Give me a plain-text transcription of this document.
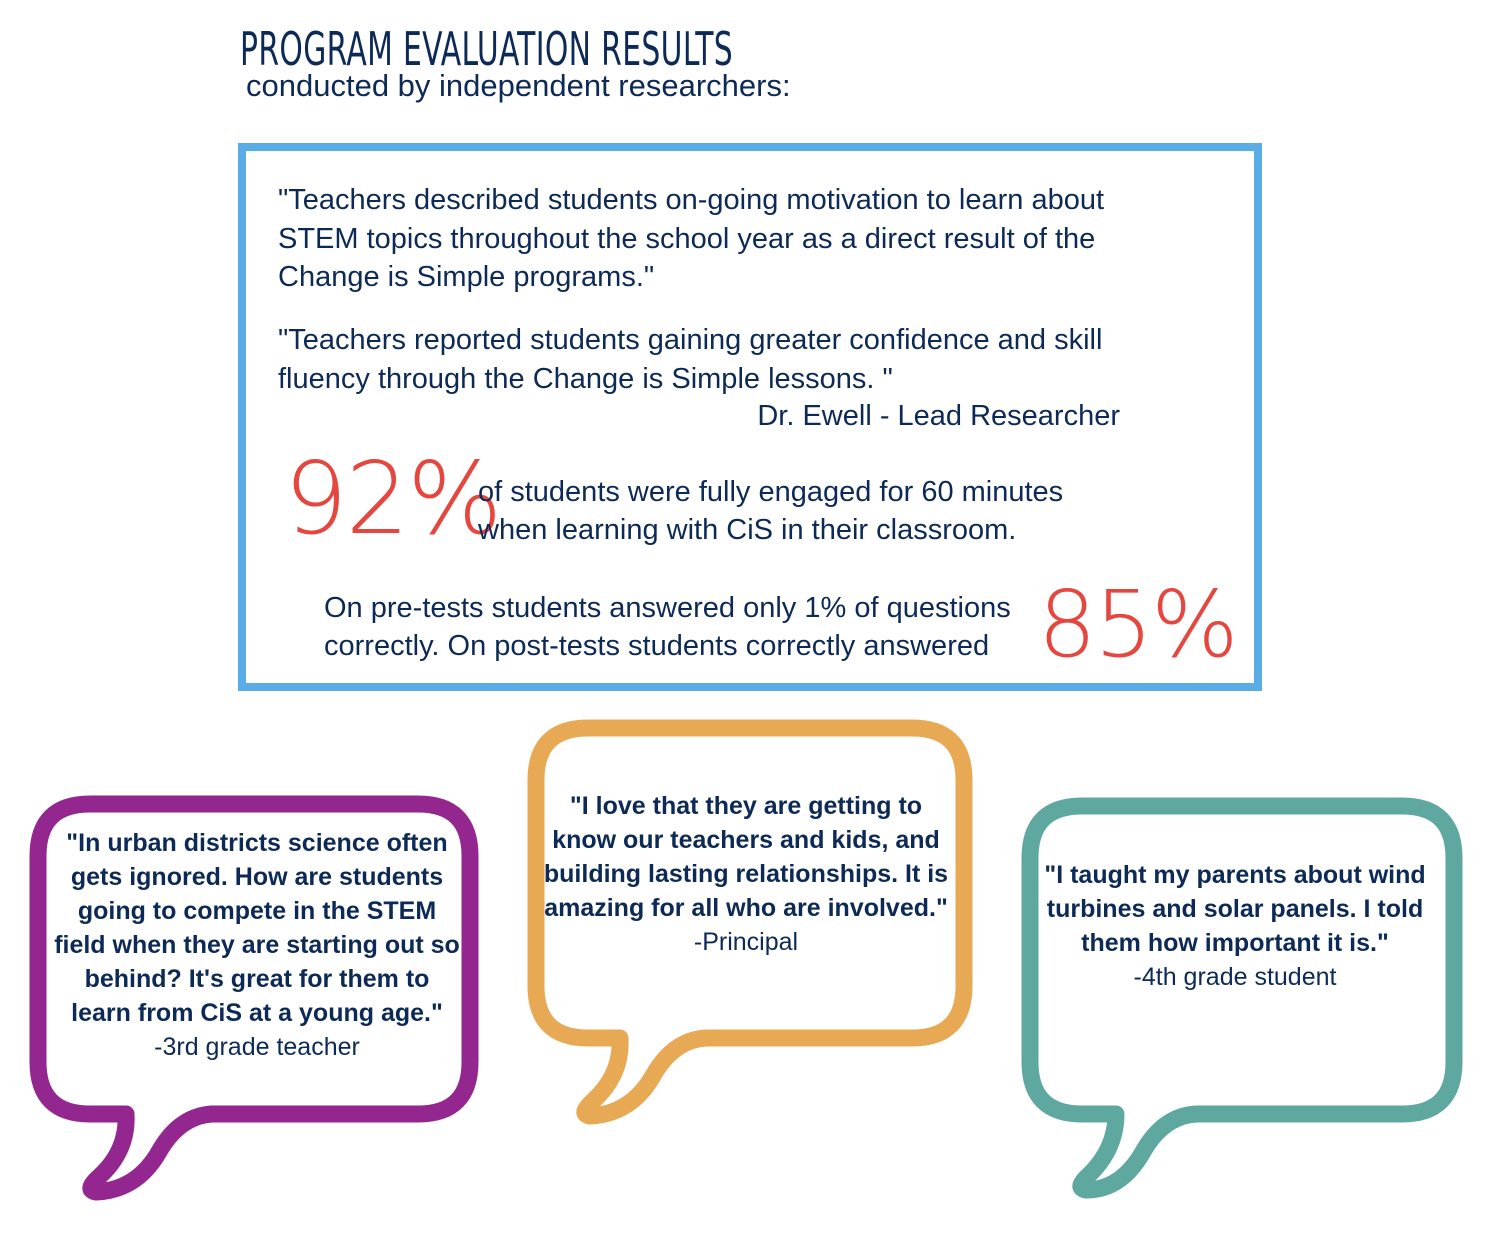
PROGRAM EVALUATION RESULTS
conducted by independent researchers:
"Teachers described students on-going motivation to learn about STEM topics throughout the school year as a direct result of the Change is Simple programs."
"Teachers reported students gaining greater confidence and skill fluency through the Change is Simple lessons. "
Dr. Ewell - Lead Researcher
92%
of students were fully engaged for 60 minutes when learning with CiS in their classroom.
On pre-tests students answered only 1% of questions correctly. On post-tests students correctly answered 85%
"In urban districts science often gets ignored. How are students going to compete in the STEM field when they are starting out so behind? It's great for them to learn from CiS at a young age."
-3rd grade teacher
"I love that they are getting to know our teachers and kids, and building lasting relationships. It is amazing for all who are involved."
-Principal
"I taught my parents about wind turbines and solar panels. I told them how important it is."
-4th grade student
